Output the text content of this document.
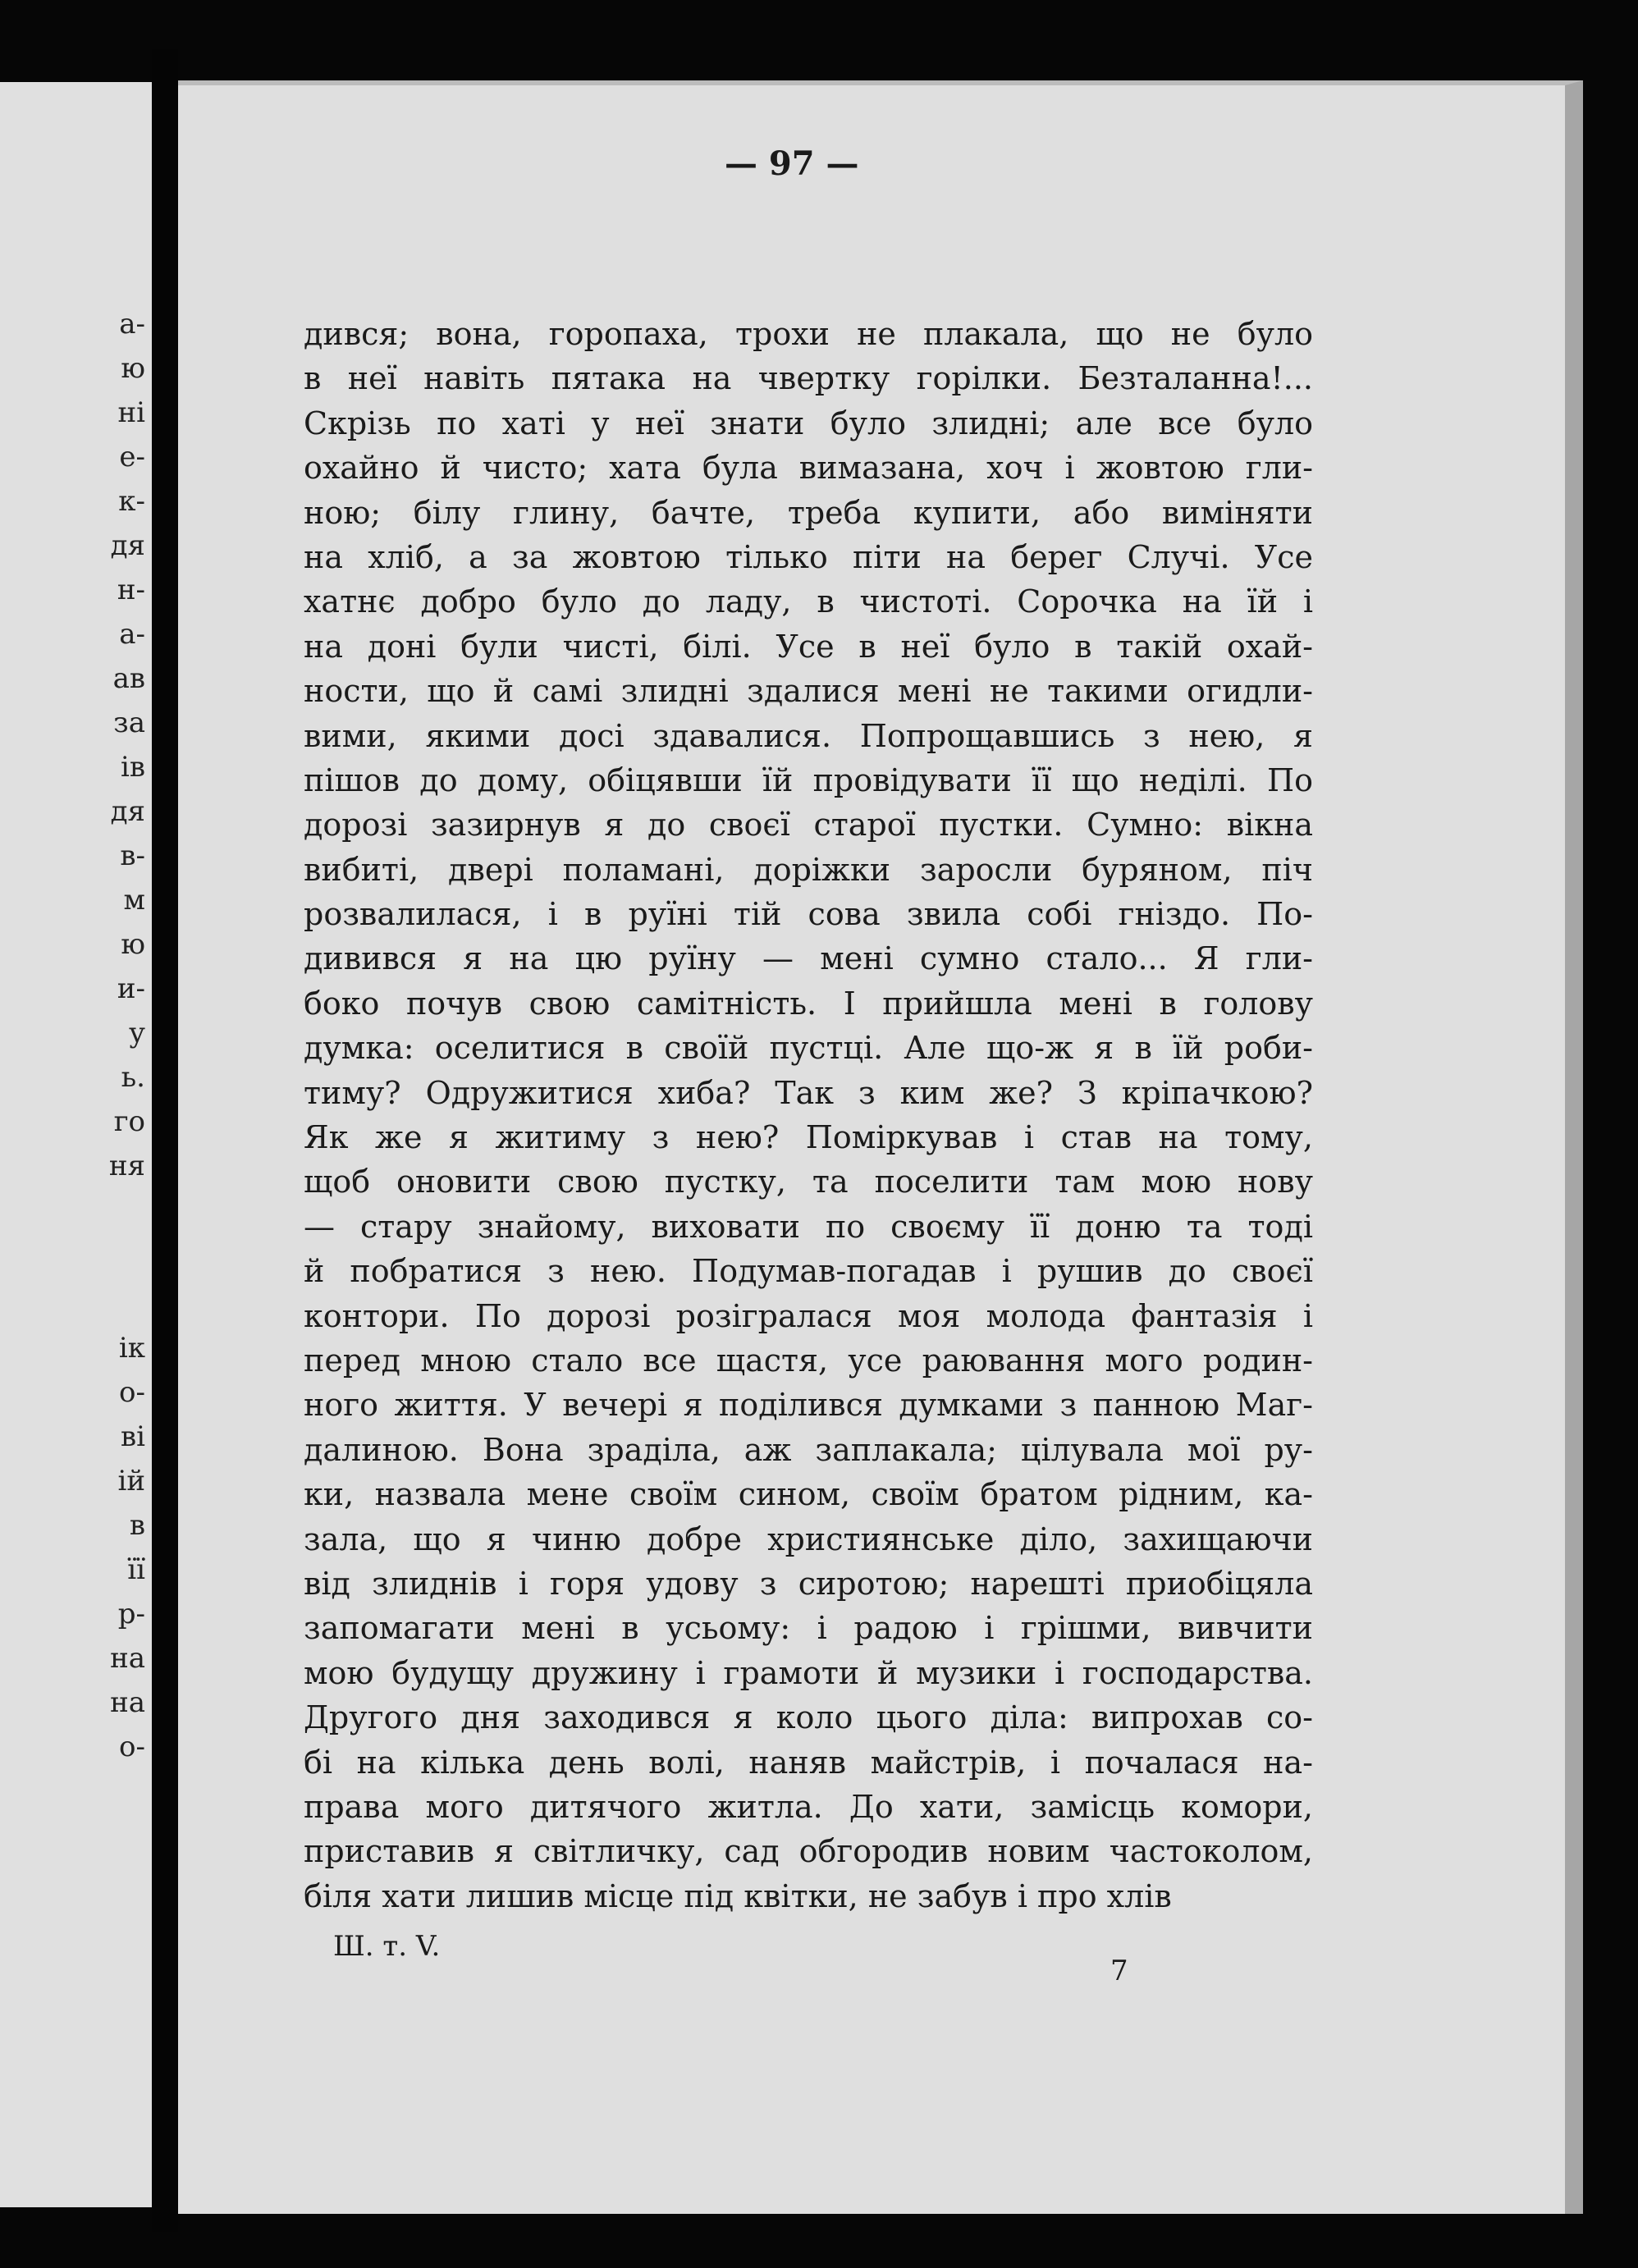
а-
ю
ні
е-
к-
дя
н-
а-
ав
за
ів
дя
в-
м
ю
и-
у
ь.
го
ня
ік
о-
ві
ій
в
її
р-
на
на
о-
— 97 —
дився; вона, горопаха, трохи не плакала, що не було
в неї навіть пятака на чвертку горілки. Безталанна!...
Скрізь по хаті у неї знати було злидні; але все було
охайно й чисто; хата була вимазана, хоч і жовтою гли-
ною; білу глину, бачте, треба купити, або виміняти
на хліб, а за жовтою тілько піти на берег Случі. Усе
хатнє добро було до ладу, в чистоті. Сорочка на їй і
на доні були чисті, білі. Усе в неї було в такій охай-
ности, що й самі злидні здалися мені не такими огидли-
вими, якими досі здавалися. Попрощавшись з нею, я
пішов до дому, обіцявши їй провідувати її що неділі. По
дорозі зазирнув я до своєї старої пустки. Сумно: вікна
вибиті, двері поламані, доріжки заросли буряном, піч
розвалилася, і в руїні тій сова звила собі гніздо. По-
дивився я на цю руїну — мені сумно стало... Я гли-
боко почув свою самітність. І прийшла мені в голову
думка: оселитися в своїй пустці. Але що-ж я в їй роби-
тиму? Одружитися хиба? Так з ким же? З кріпачкою?
Як же я житиму з нею? Поміркував і став на тому,
щоб оновити свою пустку, та поселити там мою нову
— стару знайому, виховати по своєму її доню та тоді
й побратися з нею. Подумав-погадав і рушив до своєї
контори. По дорозі розігралася моя молода фантазія і
перед мною стало все щастя, усе раювання мого родин-
ного життя. У вечері я поділився думками з панною Маг-
далиною. Вона зраділа, аж заплакала; цілувала мої ру-
ки, назвала мене своїм сином, своїм братом рідним, ка-
зала, що я чиню добре християнське діло, захищаючи
від злиднів і горя удову з сиротою; нарешті приобіцяла
запомагати мені в усьому: і радою і грішми, вивчити
мою будущу дружину і грамоти й музики і господарства.
Другого дня заходився я коло цього діла: випрохав со-
бі на кілька день волі, наняв майстрів, і почалася на-
права мого дитячого житла. До хати, замісць комори,
приставив я світличку, сад обгородив новим частоколом,
біля хати лишив місце під квітки, не забув і про хлів
Ш. т. V.
7
